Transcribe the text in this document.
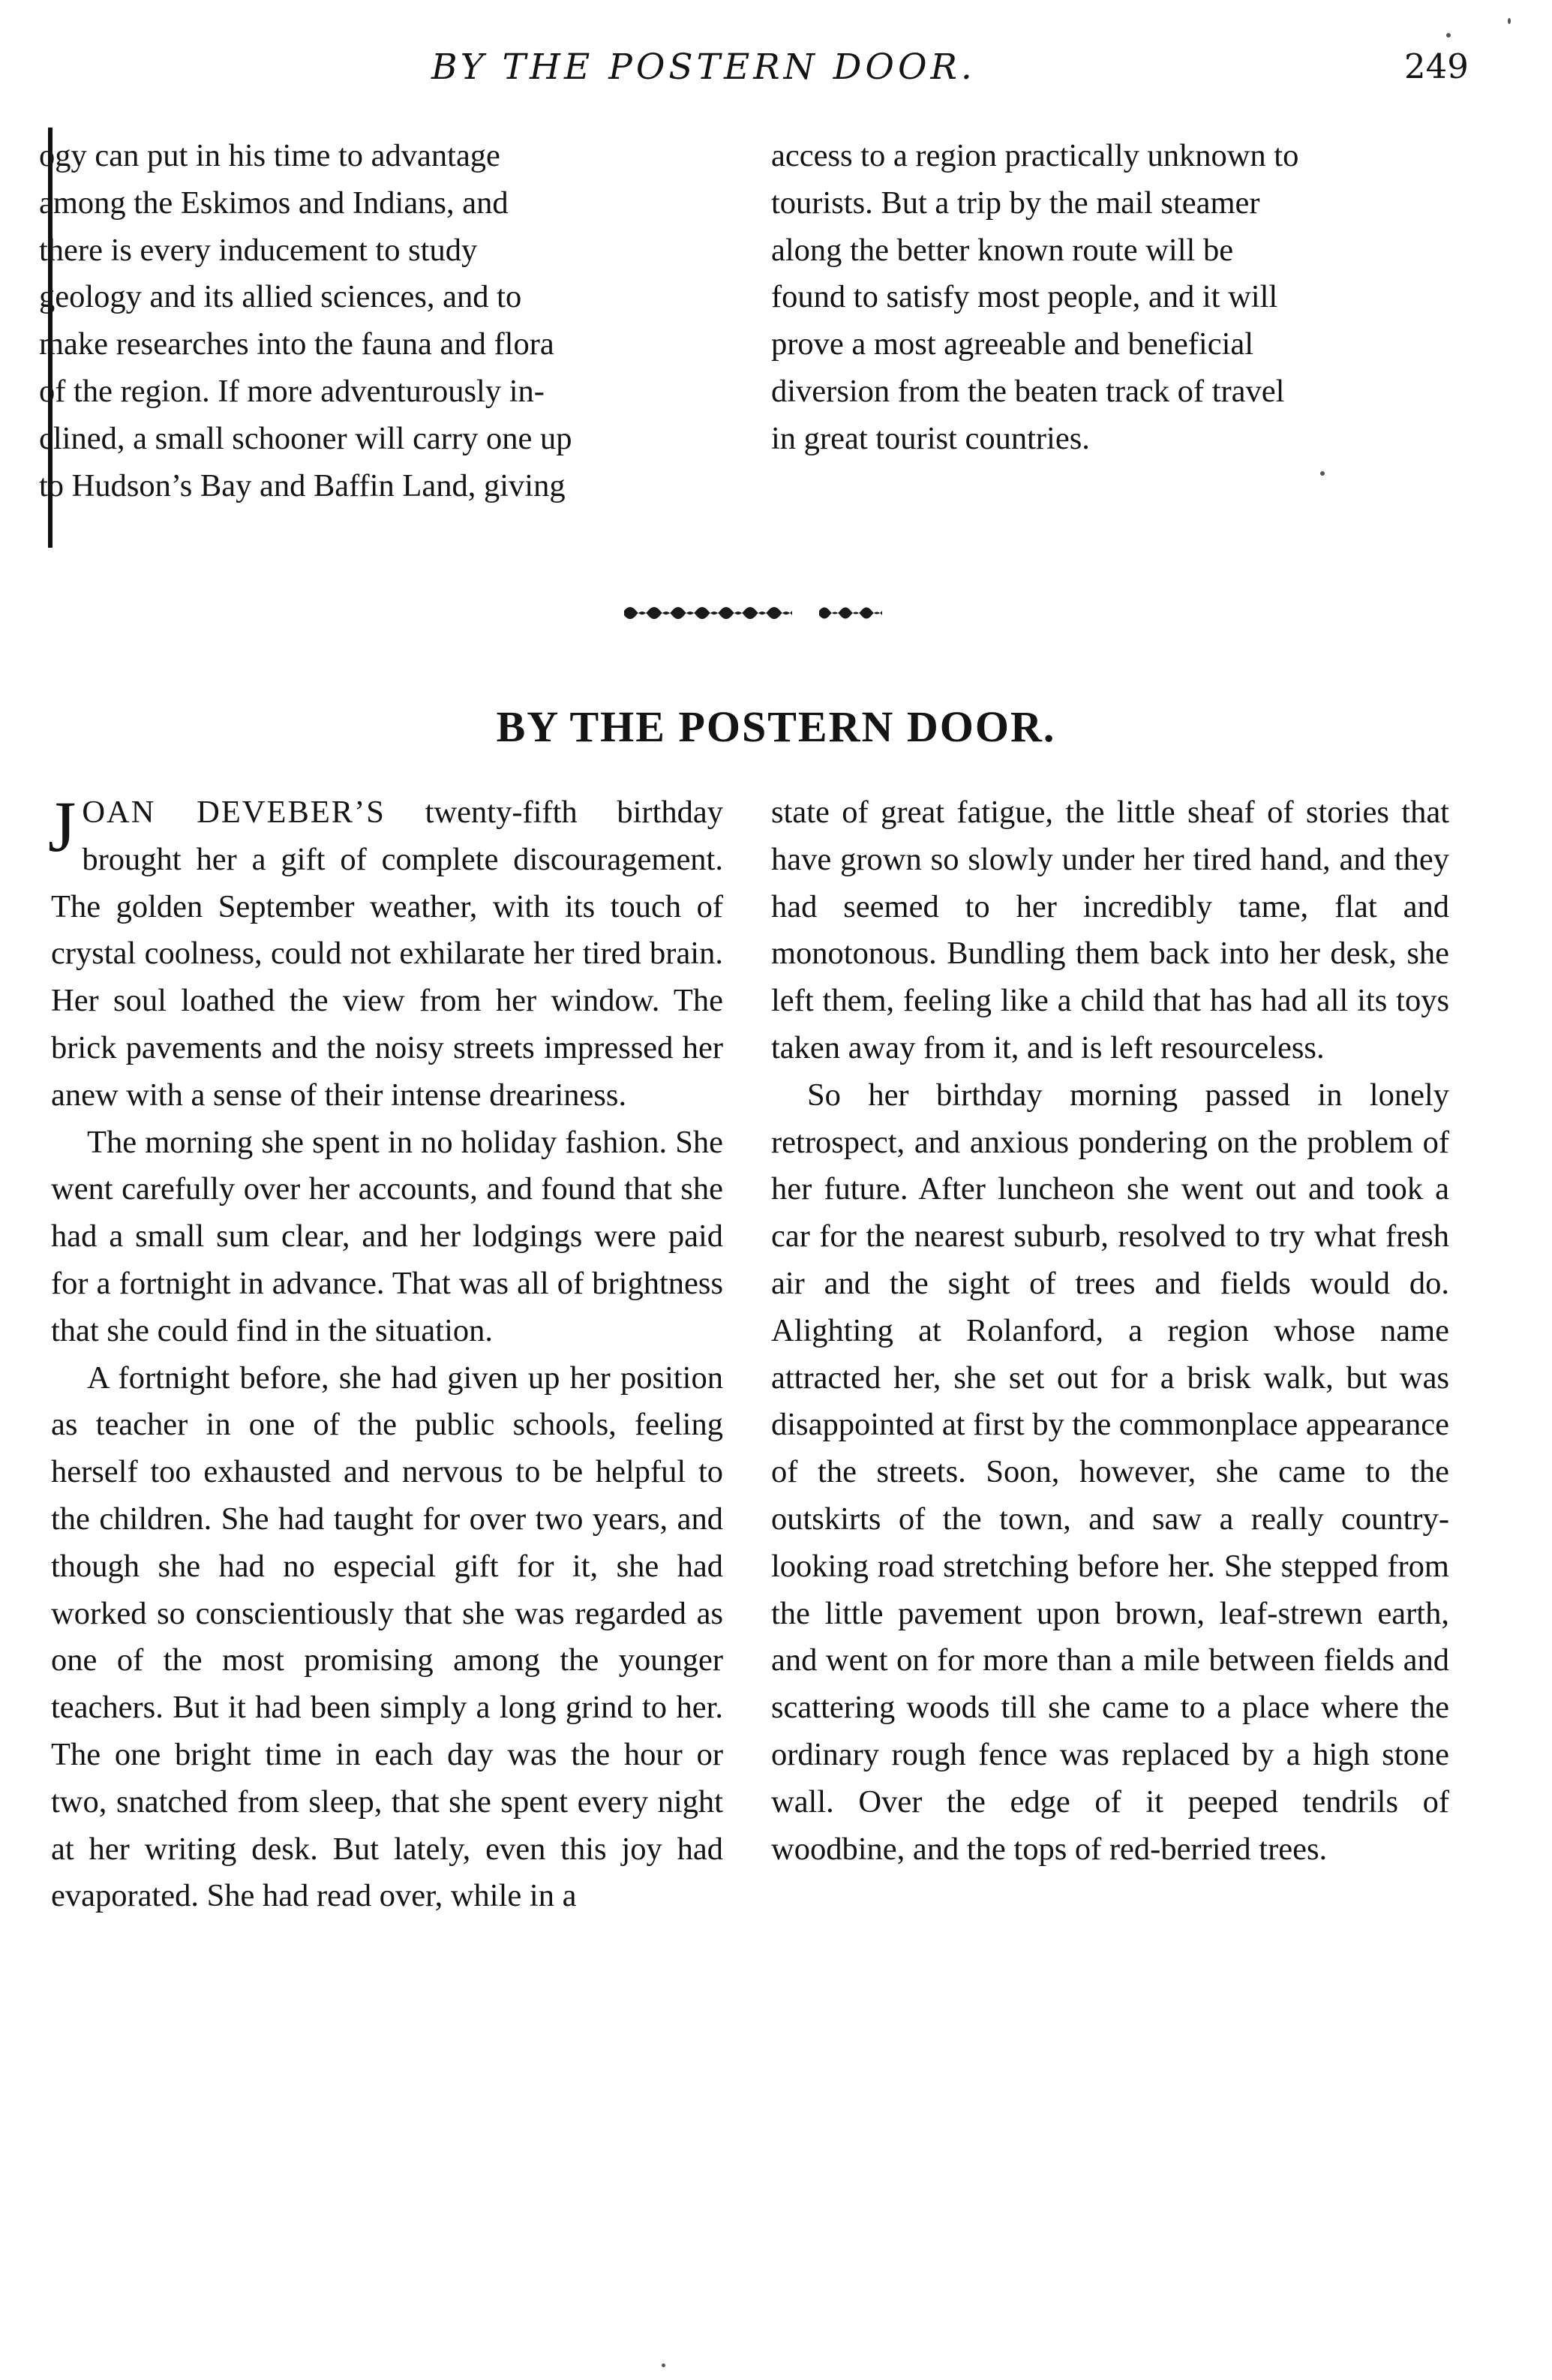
BY THE POSTERN DOOR.	249
ogy can put in his time to advantage
among the Eskimos and Indians, and
there is every inducement to study
geology and its allied sciences, and to
make researches into the fauna and flora
of the region. If more adventurously in-
clined, a small schooner will carry one up
to Hudson’s Bay and Baffin Land, giving
access to a region practically unknown to
tourists. But a trip by the mail steamer
along the better known route will be
found to satisfy most people, and it will
prove a most agreeable and beneficial
diversion from the beaten track of travel
in great tourist countries.
BY THE POSTERN DOOR.

JOAN DEVEBER’S twenty-fifth birthday brought her a gift of complete discouragement. The golden September weather, with its touch of crystal coolness, could not exhilarate her tired brain. Her soul loathed the view from her window. The brick pavements and the noisy streets impressed her anew with a sense of their intense dreariness.

The morning she spent in no holiday fashion. She went carefully over her accounts, and found that she had a small sum clear, and her lodgings were paid for a fortnight in advance. That was all of brightness that she could find in the situation.

A fortnight before, she had given up her position as teacher in one of the public schools, feeling herself too exhausted and nervous to be helpful to the children. She had taught for over two years, and though she had no especial gift for it, she had worked so conscientiously that she was regarded as one of the most promising among the younger teachers. But it had been simply a long grind to her. The one bright time in each day was the hour or two, snatched from sleep, that she spent every night at her writing desk. But lately, even this joy had evaporated. She had read over, while in a

state of great fatigue, the little sheaf of stories that have grown so slowly under her tired hand, and they had seemed to her incredibly tame, flat and monotonous. Bundling them back into her desk, she left them, feeling like a child that has had all its toys taken away from it, and is left resourceless.

So her birthday morning passed in lonely retrospect, and anxious pondering on the problem of her future. After luncheon she went out and took a car for the nearest suburb, resolved to try what fresh air and the sight of trees and fields would do. Alighting at Rolanford, a region whose name attracted her, she set out for a brisk walk, but was disappointed at first by the commonplace appearance of the streets. Soon, however, she came to the outskirts of the town, and saw a really country-looking road stretching before her. She stepped from the little pavement upon brown, leaf-strewn earth, and went on for more than a mile between fields and scattering woods till she came to a place where the ordinary rough fence was replaced by a high stone wall. Over the edge of it peeped tendrils of woodbine, and the tops of red-berried trees.
